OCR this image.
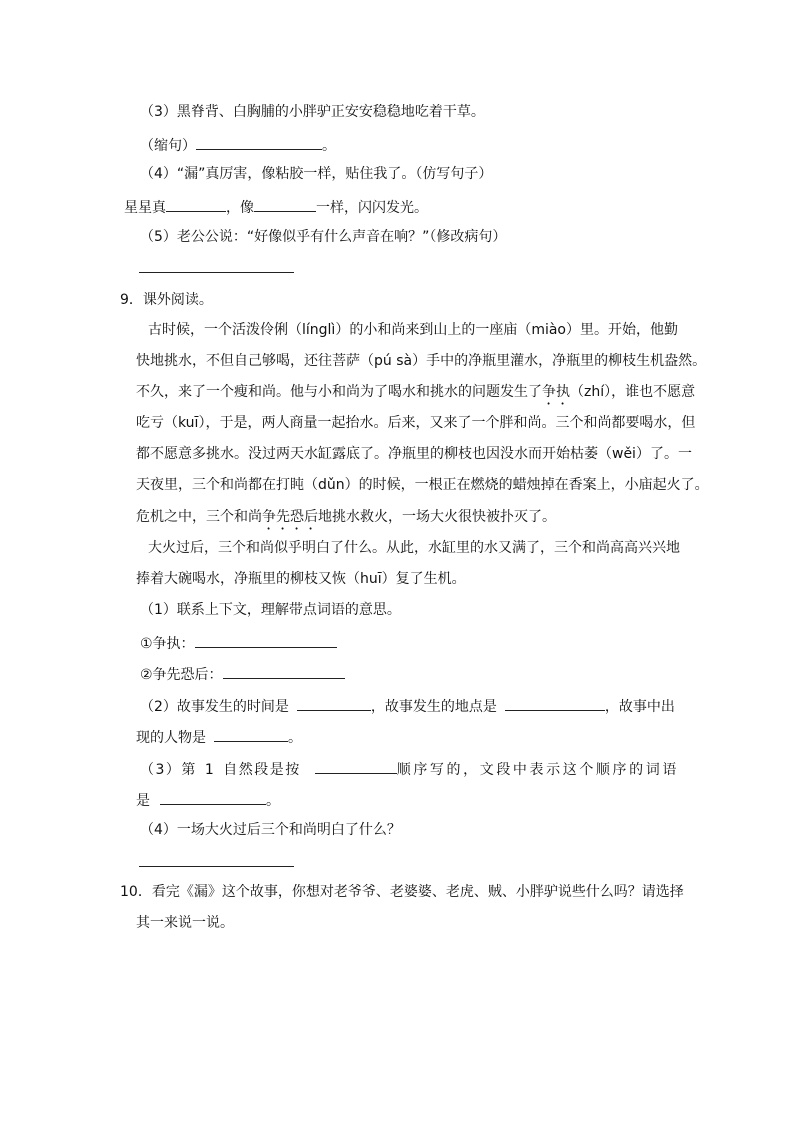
（3）黑脊背、白胸脯的小胖驴正安安稳稳地吃着干草。
（缩句）	。
（4）“漏”真厉害，像粘胶一样，贴住我了。（仿写句子）
星星真	，像	一样，闪闪发光。
（5）老公公说：“好像似乎有什么声音在响？”（修改病句）
9．课外阅读。
古时候，一个活泼伶俐（línglì）的小和尚来到山上的一座庙（miào）里。开始，他勤
快地挑水，不但自己够喝，还往菩萨（pú sà）手中的净瓶里灌水，净瓶里的柳枝生机盎然。
不久，来了一个瘦和尚。他与小和尚为了喝水和挑水的问题发生了争执（zhí），谁也不愿意
吃亏（kuī），于是，两人商量一起抬水。后来，又来了一个胖和尚。三个和尚都要喝水，但
都不愿意多挑水。没过两天水缸露底了。净瓶里的柳枝也因没水而开始枯萎（wěi）了。一
天夜里，三个和尚都在打盹（dǔn）的时候，一根正在燃烧的蜡烛掉在香案上，小庙起火了。
危机之中，三个和尚争先恐后地挑水救火，一场大火很快被扑灭了。
大火过后，三个和尚似乎明白了什么。从此，水缸里的水又满了，三个和尚高高兴兴地
捧着大碗喝水，净瓶里的柳枝又恢（huī）复了生机。
（1）联系上下文，理解带点词语的意思。
①争执：
②争先恐后：
（2）故事发生的时间是	，故事发生的地点是	，故事中出
现的人物是	。
（3）第 1 自然段是按	顺序写的，文段中表示这个顺序的词语
是	。
（4）一场大火过后三个和尚明白了什么？
10．看完《漏》这个故事，你想对老爷爷、老婆婆、老虎、贼、小胖驴说些什么吗？请选择
其一来说一说。
